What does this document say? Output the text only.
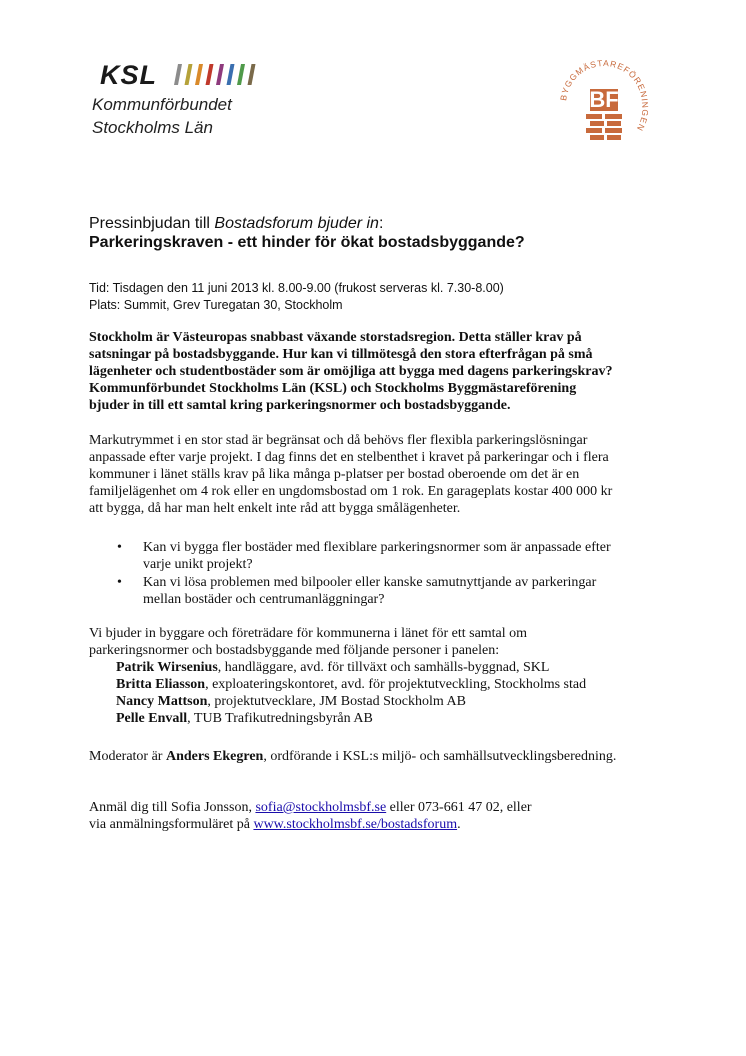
KSL
Kommunförbundet
Stockholms Län
BYGGMÄSTAREFÖRENINGEN
BF

Pressinbjudan till Bostadsforum bjuder in:

Parkeringskraven - ett hinder för ökat bostadsbyggande?

Tid: Tisdagen den 11 juni 2013 kl. 8.00-9.00 (frukost serveras kl. 7.30-8.00)
Plats: Summit, Grev Turegatan 30, Stockholm

Stockholm är Västeuropas snabbast växande storstadsregion. Detta ställer krav på

satsningar på bostadsbyggande. Hur kan vi tillmötesgå den stora efterfrågan på små

lägenheter och studentbostäder som är omöjliga att bygga med dagens parkeringskrav?

Kommunförbundet Stockholms Län (KSL) och Stockholms Byggmästareförening

bjuder in till ett samtal kring parkeringsnormer och bostadsbyggande.

Markutrymmet i en stor stad är begränsat och då behövs fler flexibla parkeringslösningar

anpassade efter varje projekt. I dag finns det en stelbenthet i kravet på parkeringar och i flera

kommuner i länet ställs krav på lika många p-platser per bostad oberoende om det är en

familjelägenhet om 4 rok eller en ungdomsbostad om 1 rok. En garageplats kostar 400 000 kr

att bygga, då har man helt enkelt inte råd att bygga smålägenheter.

• Kan vi bygga fler bostäder med flexiblare parkeringsnormer som är anpassade efter
varje unikt projekt?
• Kan vi lösa problemen med bilpooler eller kanske samutnyttjande av parkeringar
mellan bostäder och centrumanläggningar?

Vi bjuder in byggare och företrädare för kommunerna i länet för ett samtal om

parkeringsnormer och bostadsbyggande med följande personer i panelen:

Patrik Wirsenius, handläggare, avd. för tillväxt och samhälls-byggnad, SKL
Britta Eliasson, exploateringskontoret, avd. för projektutveckling, Stockholms stad
Nancy Mattson, projektutvecklare, JM Bostad Stockholm AB
Pelle Envall, TUB Trafikutredningsbyrån AB

Moderator är Anders Ekegren, ordförande i KSL:s miljö- och samhällsutvecklingsberedning.

Anmäl dig till Sofia Jonsson, sofia@stockholmsbf.se eller 073-661 47 02, eller

via anmälningsformuläret på www.stockholmsbf.se/bostadsforum.
